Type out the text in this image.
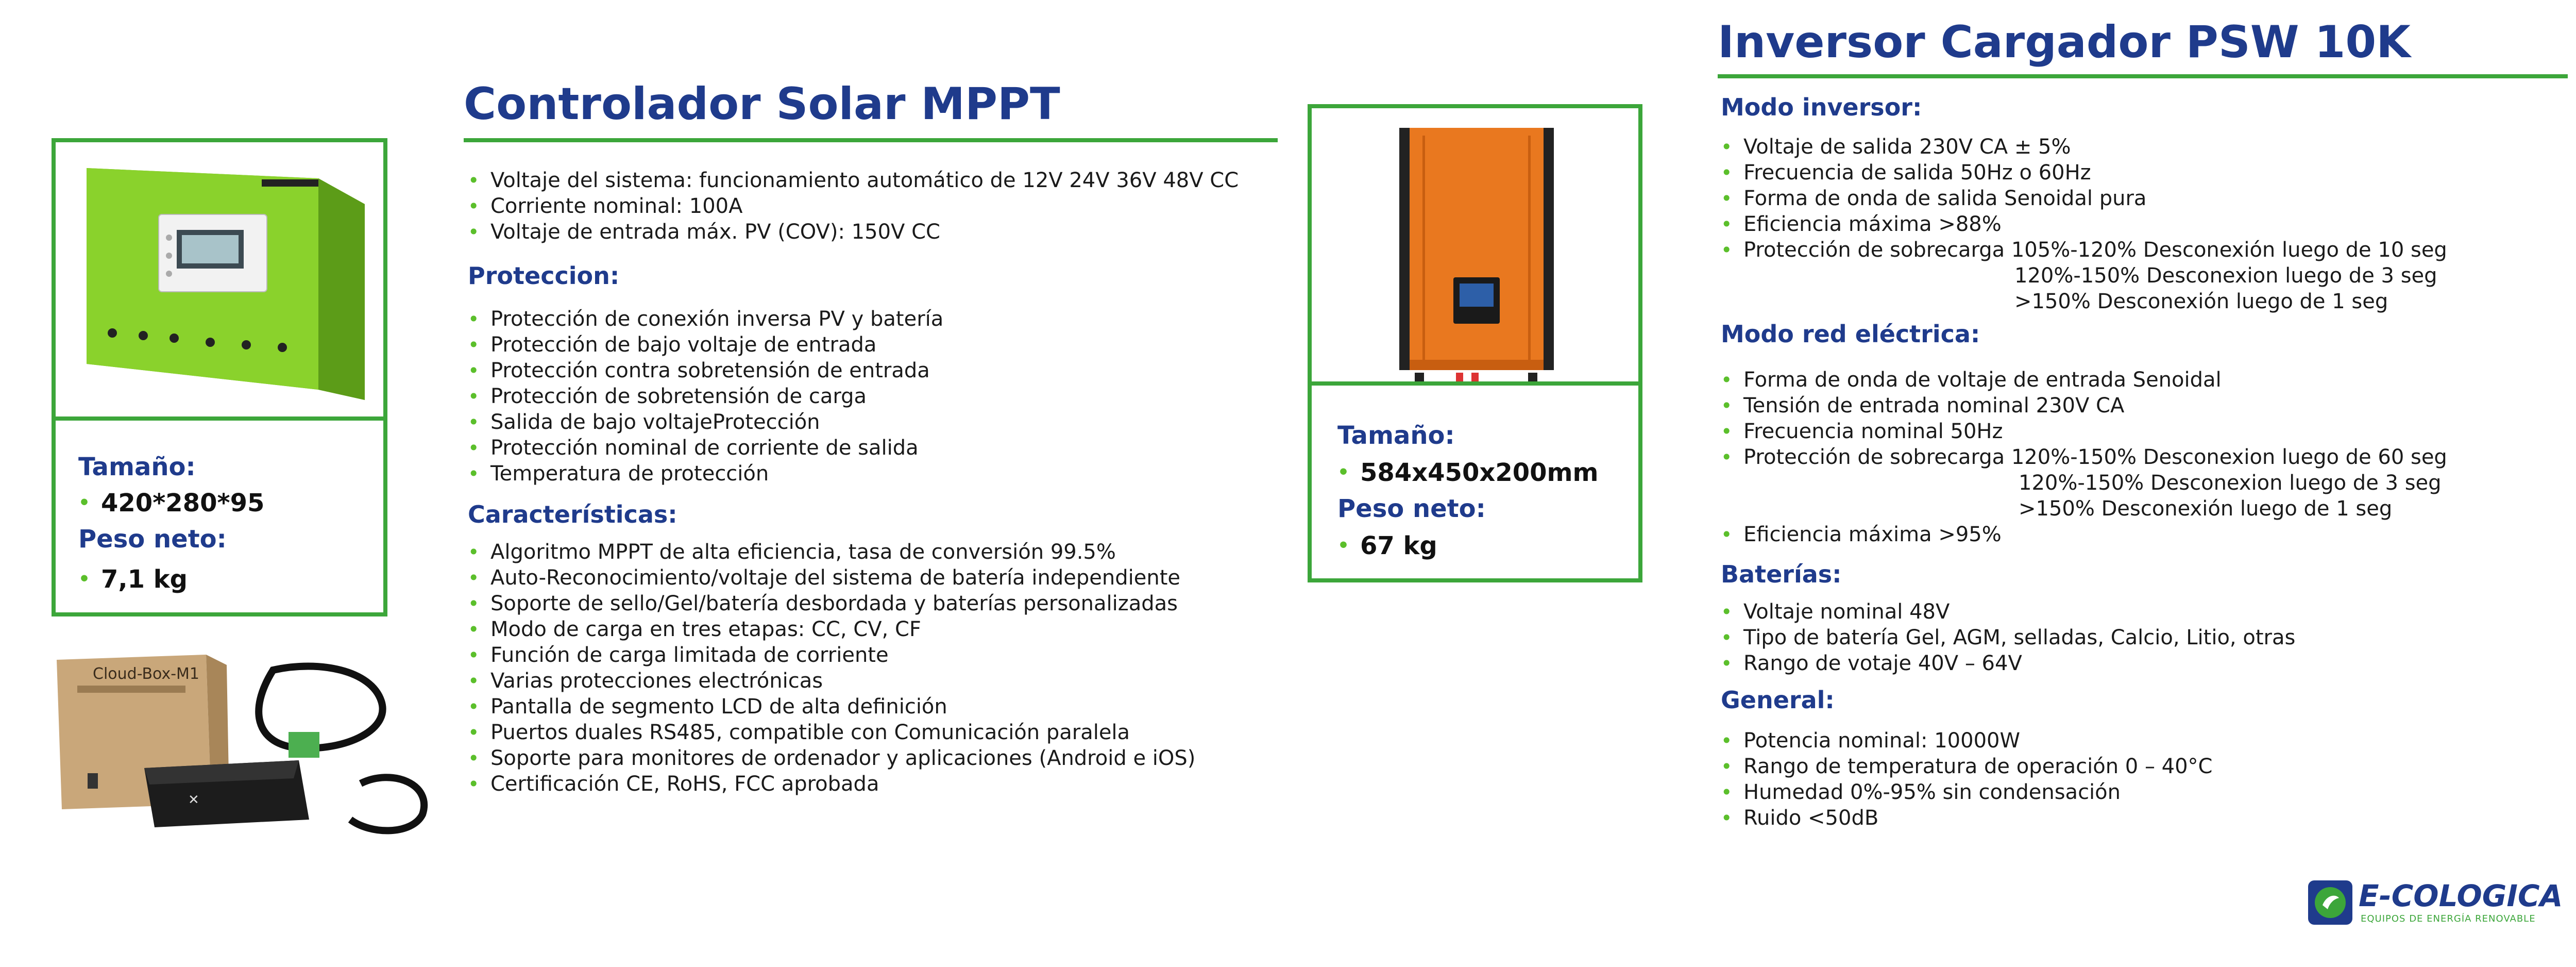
Tamaño:
• 420*280*95
Peso neto:
• 7,1 kg
✕
Cloud-Box-M1
Controlador Solar MPPT
• Voltaje del sistema: funcionamiento automático de 12V 24V 36V 48V CC
• Corriente nominal: 100A
• Voltaje de entrada máx. PV (COV): 150V CC
Proteccion:
• Protección de conexión inversa PV y batería
• Protección de bajo voltaje de entrada
• Protección contra sobretensión de entrada
• Protección de sobretensión de carga
• Salida de bajo voltajeProtección
• Protección nominal de corriente de salida
• Temperatura de protección
Características:
• Algoritmo MPPT de alta eficiencia, tasa de conversión 99.5%
• Auto-Reconocimiento/voltaje del sistema de batería independiente
• Soporte de sello/Gel/batería desbordada y baterías personalizadas
• Modo de carga en tres etapas: CC, CV, CF
• Función de carga limitada de corriente
• Varias protecciones electrónicas
• Pantalla de segmento LCD de alta definición
• Puertos duales RS485, compatible con Comunicación paralela
• Soporte para monitores de ordenador y aplicaciones (Android e iOS)
• Certificación CE, RoHS, FCC aprobada
Tamaño:
• 584x450x200mm
Peso neto:
• 67 kg
Inversor Cargador PSW 10K
Modo inversor:
• Voltaje de salida 230V CA ± 5%
• Frecuencia de salida 50Hz o 60Hz
• Forma de onda de salida Senoidal pura
• Eficiencia máxima >88%
• Protección de sobrecarga 105%-120% Desconexión luego de 10 seg
120%-150% Desconexion luego de 3 seg
>150% Desconexión luego de 1 seg
Modo red eléctrica:
• Forma de onda de voltaje de entrada Senoidal
• Tensión de entrada nominal 230V CA
• Frecuencia nominal 50Hz
• Protección de sobrecarga 120%-150% Desconexion luego de 60 seg
120%-150% Desconexion luego de 3 seg
>150% Desconexión luego de 1 seg
• Eficiencia máxima >95%
Baterías:
• Voltaje nominal 48V
• Tipo de batería Gel, AGM, selladas, Calcio, Litio, otras
• Rango de votaje 40V – 64V
General:
• Potencia nominal: 10000W
• Rango de temperatura de operación 0 – 40°C
• Humedad 0%-95% sin condensación
• Ruido <50dB
E-COLOGICA
EQUIPOS DE ENERGÍA RENOVABLE
